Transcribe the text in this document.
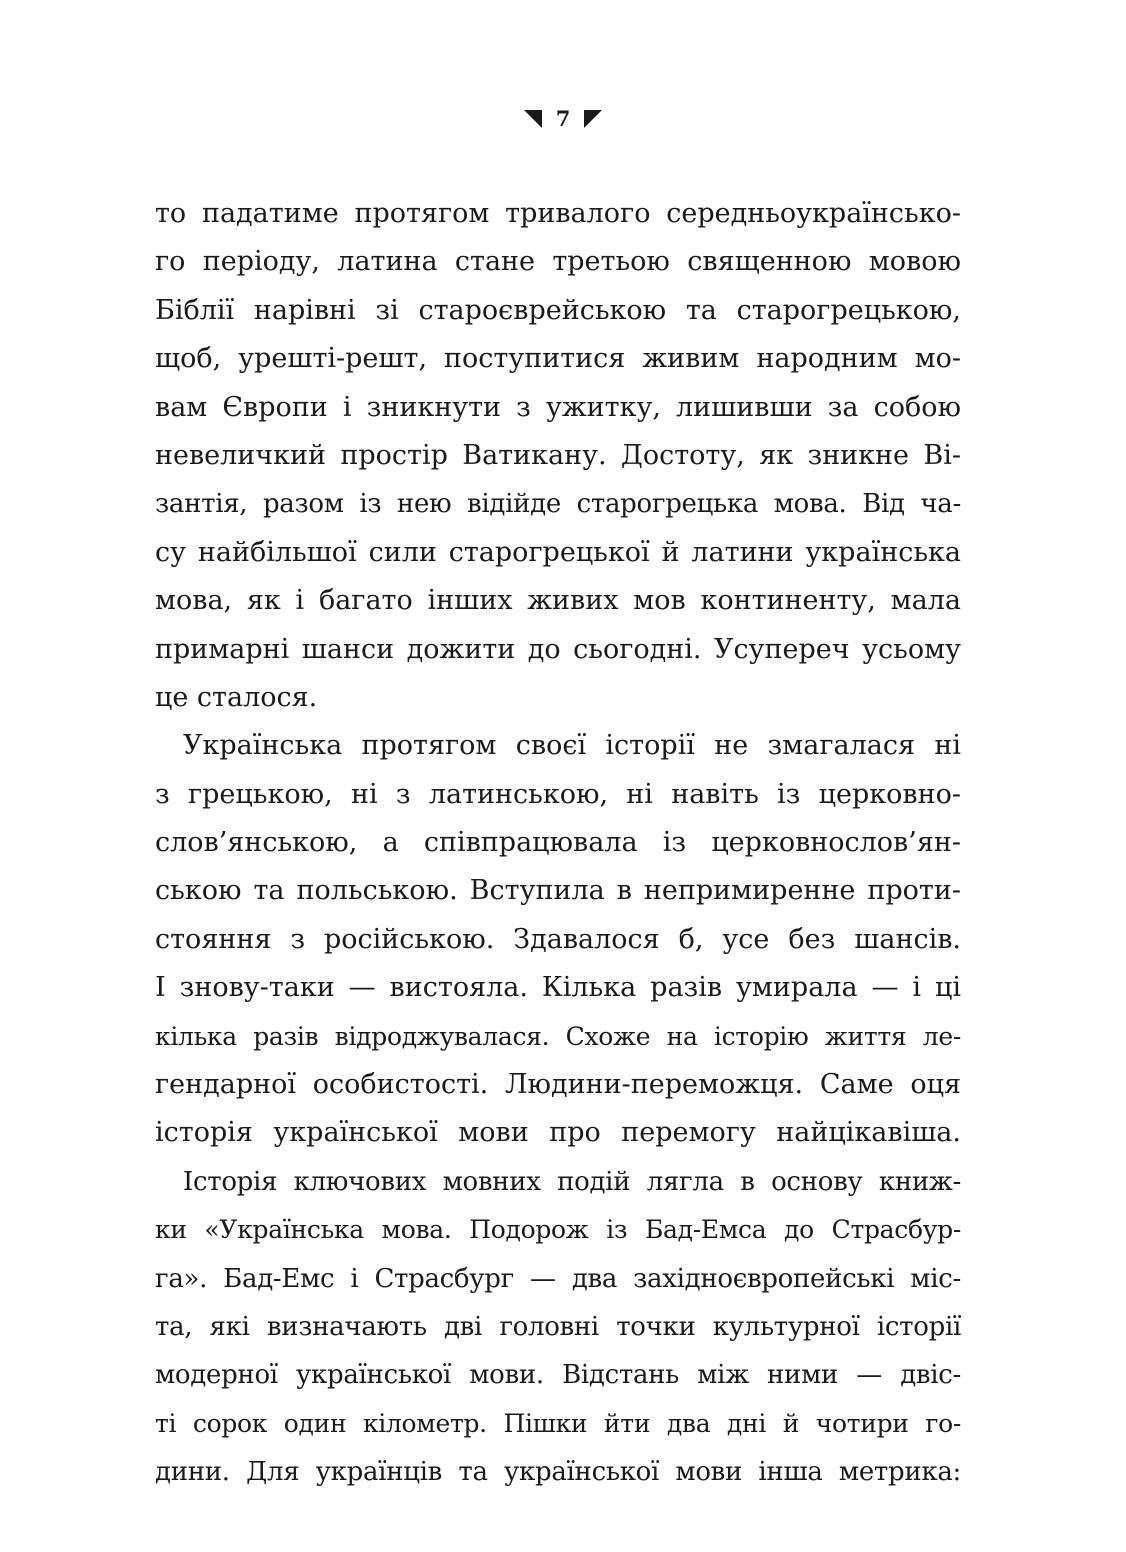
7
то падатиме протягом тривалого середньоукраїнсько-
го періоду, латина стане третьою священною мовою
Біблії нарівні зі староєврейською та старогрецькою,
щоб, урешті-решт, поступитися живим народним мо-
вам Європи і зникнути з ужитку, лишивши за собою
невеличкий простір Ватикану. Достоту, як зникне Ві-
зантія, разом із нею відійде старогрецька мова. Від ча-
су найбільшої сили старогрецької й латини українська
мова, як і багато інших живих мов континенту, мала
примарні шанси дожити до сьогодні. Усупереч усьому
це сталося.
Українська протягом своєї історії не змагалася ні
з грецькою, ні з латинською, ні навіть із церковно-
слов’янською, а співпрацювала із церковнослов’ян-
ською та польською. Вступила в непримиренне проти-
стояння з російською. Здавалося б, усе без шансів.
І знову-таки — вистояла. Кілька разів умирала — і ці
кілька разів відроджувалася. Схоже на історію життя ле-
гендарної особистості. Людини-переможця. Саме оця
історія української мови про перемогу найцікавіша.
Історія ключових мовних подій лягла в основу книж-
ки «Українська мова. Подорож із Бад-Емса до Страсбур-
га». Бад-Емс і Страсбург — два західноєвропейські міс-
та, які визначають дві головні точки культурної історії
модерної української мови. Відстань між ними — двіс-
ті сорок один кілометр. Пішки йти два дні й чотири го-
дини. Для українців та української мови інша метрика:
